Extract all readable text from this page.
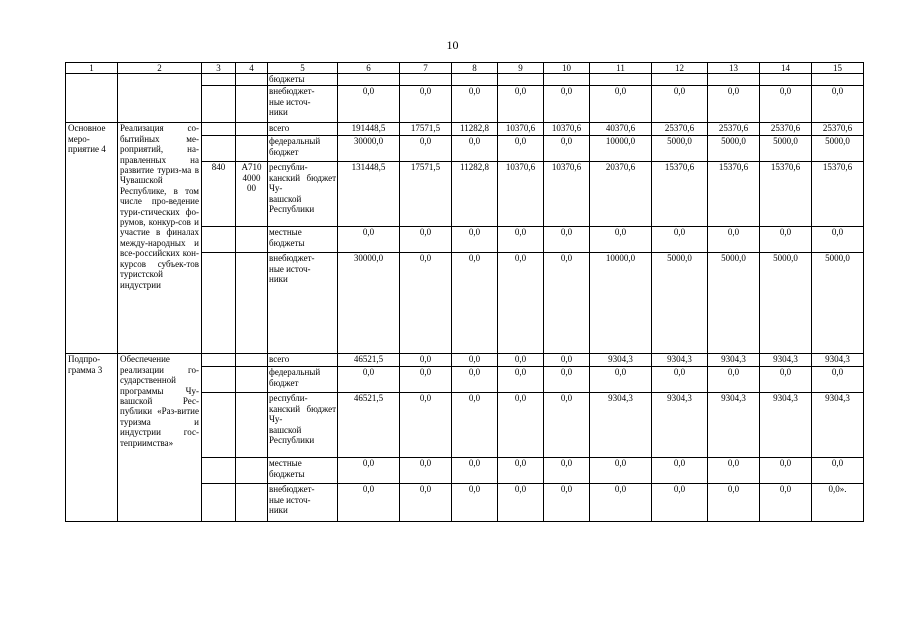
10
1	2	3	4	5	6	7	8	9	10	11	12	13	14	15
				бюджеты										
				внебюджет-
ные источ-
ники	0,0	0,0	0,0	0,0	0,0	0,0	0,0	0,0	0,0	0,0
Основное меро-приятие 4	Реализация со-бытийных ме-роприятий, на-правленных на развитие туриз-ма в Чувашской Республике, в том числе про-ведение тури-стических фо-румов, конкур-сов и участие в финалах между-народных и все-российских кон-курсов субъек-тов туристской индустрии			всего	191448,5	17571,5	11282,8	10370,6	10370,6	40370,6	25370,6	25370,6	25370,6	25370,6
				федеральный бюджет	30000,0	0,0	0,0	0,0	0,0	10000,0	5000,0	5000,0	5000,0	5000,0
		840	А710
4000
00	республи-
канский бюджет Чу-
вашской Республики	131448,5	17571,5	11282,8	10370,6	10370,6	20370,6	15370,6	15370,6	15370,6	15370,6
				местные бюджеты	0,0	0,0	0,0	0,0	0,0	0,0	0,0	0,0	0,0	0,0
				внебюджет-
ные источ-
ники	30000,0	0,0	0,0	0,0	0,0	10000,0	5000,0	5000,0	5000,0	5000,0
Подпро-грамма 3	Обеспечение реализации го-сударственной программы Чу-вашской Рес-публики «Раз-витие туризма и индустрии гос-теприимства»			всего	46521,5	0,0	0,0	0,0	0,0	9304,3	9304,3	9304,3	9304,3	9304,3
				федеральный бюджет	0,0	0,0	0,0	0,0	0,0	0,0	0,0	0,0	0,0	0,0
				республи-
канский бюджет Чу-
вашской Республики	46521,5	0,0	0,0	0,0	0,0	9304,3	9304,3	9304,3	9304,3	9304,3
				местные бюджеты	0,0	0,0	0,0	0,0	0,0	0,0	0,0	0,0	0,0	0,0
				внебюджет-
ные источ-
ники	0,0	0,0	0,0	0,0	0,0	0,0	0,0	0,0	0,0	0,0».
